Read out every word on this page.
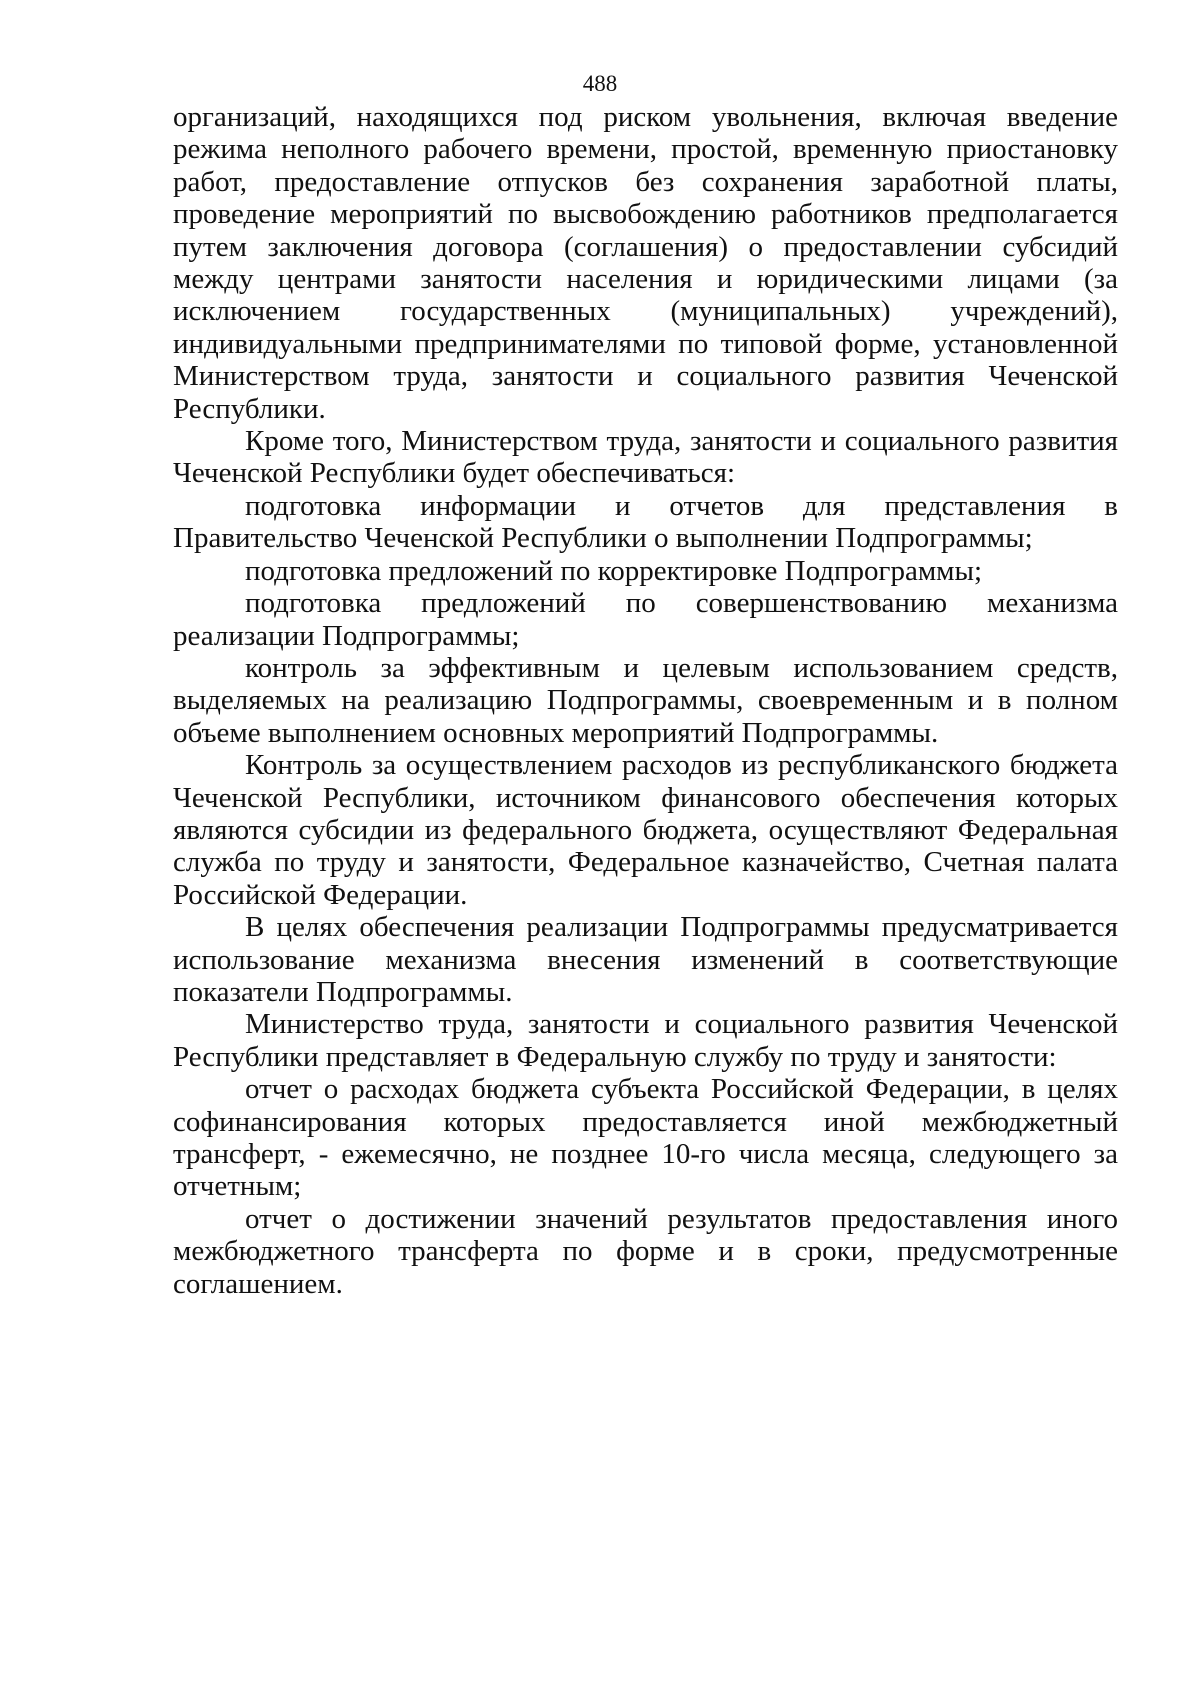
488

организаций, находящихся под риском увольнения, включая введение режима неполного рабочего времени, простой, временную приостановку работ, предоставление отпусков без сохранения заработной платы, проведение мероприятий по высвобождению работников предполагается путем заключения договора (соглашения) о предоставлении субсидий между центрами занятости населения и юридическими лицами (за исключением государственных (муниципальных) учреждений), индивидуальными предпринимателями по типовой форме, установленной Министерством труда, занятости и социального развития Чеченской Республики.

Кроме того, Министерством труда, занятости и социального развития Чеченской Республики будет обеспечиваться:

подготовка информации и отчетов для представления в Правительство Чеченской Республики о выполнении Подпрограммы;

подготовка предложений по корректировке Подпрограммы;

подготовка предложений по совершенствованию механизма реализации Подпрограммы;

контроль за эффективным и целевым использованием средств, выделяемых на реализацию Подпрограммы, своевременным и в полном объеме выполнением основных мероприятий Подпрограммы.

Контроль за осуществлением расходов из республиканского бюджета Чеченской Республики, источником финансового обеспечения которых являются субсидии из федерального бюджета, осуществляют Федеральная служба по труду и занятости, Федеральное казначейство, Счетная палата Российской Федерации.

В целях обеспечения реализации Подпрограммы предусматривается использование механизма внесения изменений в соответствующие показатели Подпрограммы.

Министерство труда, занятости и социального развития Чеченской Республики представляет в Федеральную службу по труду и занятости:

отчет о расходах бюджета субъекта Российской Федерации, в целях софинансирования которых предоставляется иной межбюджетный трансферт, - ежемесячно, не позднее 10-го числа месяца, следующего за отчетным;

отчет о достижении значений результатов предоставления иного межбюджетного трансферта по форме и в сроки, предусмотренные соглашением.
